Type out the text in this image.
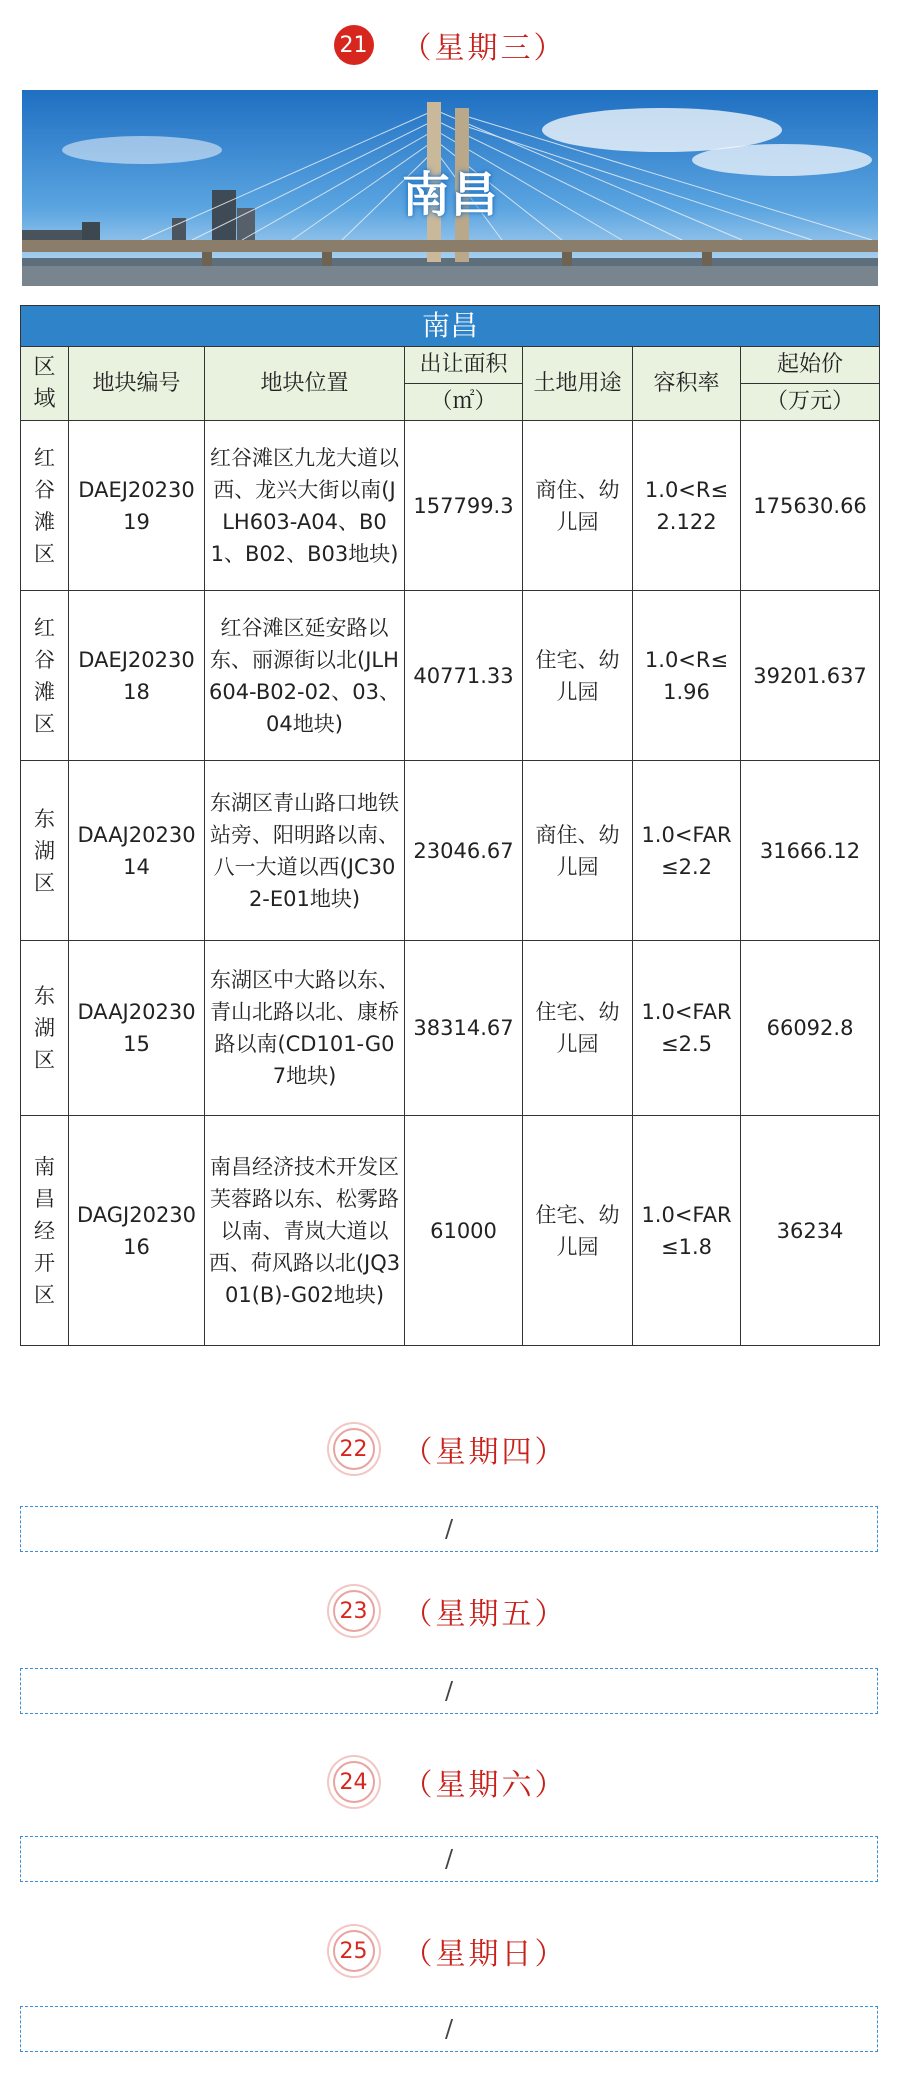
21 （星期三）
南昌
南昌						
区域	地块编号	地块位置	出让面积	土地用途	容积率	起始价
			（㎡）			（万元）
红谷滩区	DAEJ2023019	红谷滩区九龙大道以西、龙兴大街以南(JLH603-A04、B01、B02、B03地块)	157799.3	商住、幼儿园	1.0<R≤2.122	175630.66
红谷滩区	DAEJ2023018	红谷滩区延安路以东、丽源街以北(JLH604-B02-02、03、04地块)	40771.33	住宅、幼儿园	1.0<R≤1.96	39201.637
东湖区	DAAJ2023014	东湖区青山路口地铁站旁、阳明路以南、八一大道以西(JC302-E01地块)	23046.67	商住、幼儿园	1.0<FAR≤2.2	31666.12
东湖区	DAAJ2023015	东湖区中大路以东、青山北路以北、康桥路以南(CD101-G07地块)	38314.67	住宅、幼儿园	1.0<FAR≤2.5	66092.8
南昌经开区	DAGJ2023016	南昌经济技术开发区芙蓉路以东、松雾路以南、青岚大道以西、荷风路以北(JQ301(B)-G02地块)	61000	住宅、幼儿园	1.0<FAR≤1.8	36234
22 （星期四）
/
23 （星期五）
/
24 （星期六）
/
25 （星期日）
/
